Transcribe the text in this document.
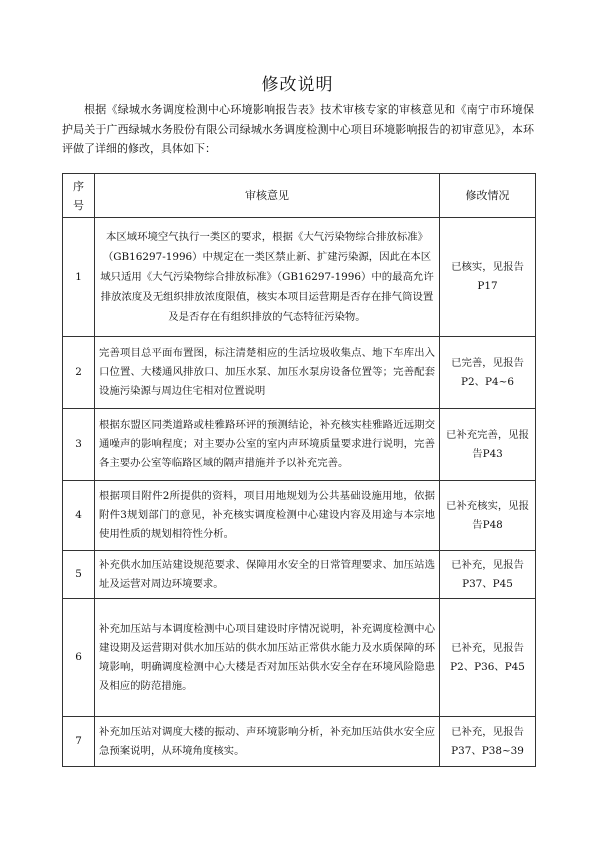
修改说明

根据《绿城水务调度检测中心环境影响报告表》技术审核专家的审核意见和《南宁市环境保护局关于广西绿城水务股份有限公司绿城水务调度检测中心项目环境影响报告的初审意见》，本环评做了详细的修改，具体如下：

序号	审核意见	修改情况
1	本区域环境空气执行一类区的要求，根据《大气污染物综合排放标准》（GB16297-1996）中规定在一类区禁止新、扩建污染源，因此在本区域只适用《大气污染物综合排放标准》（GB16297-1996）中的最高允许排放浓度及无组织排放浓度限值，核实本项目运营期是否存在排气筒设置及是否存在有组织排放的气态特征污染物。	已核实，见报告P17
2	完善项目总平面布置图，标注清楚相应的生活垃圾收集点、地下车库出入口位置、大楼通风排放口、加压水泵、加压水泵房设备位置等；完善配套设施污染源与周边住宅相对位置说明	已完善，见报告P2、P4~6
3	根据东盟区同类道路或桂雅路环评的预测结论，补充核实桂雅路近远期交通噪声的影响程度；对主要办公室的室内声环境质量要求进行说明，完善各主要办公室等临路区域的隔声措施并予以补充完善。	已补充完善，见报告P43
4	根据项目附件2所提供的资料，项目用地规划为公共基础设施用地，依据附件3规划部门的意见，补充核实调度检测中心建设内容及用途与本宗地使用性质的规划相符性分析。	已补充核实，见报告P48
5	补充供水加压站建设规范要求、保障用水安全的日常管理要求、加压站选址及运营对周边环境要求。	已补充，见报告P37、P45
6	补充加压站与本调度检测中心项目建设时序情况说明，补充调度检测中心建设期及运营期对供水加压站的供水加压站正常供水能力及水质保障的环境影响，明确调度检测中心大楼是否对加压站供水安全存在环境风险隐患及相应的防范措施。	已补充，见报告P2、P36、P45
7	补充加压站对调度大楼的振动、声环境影响分析，补充加压站供水安全应急预案说明，从环境角度核实。	已补充，见报告P37、P38~39
